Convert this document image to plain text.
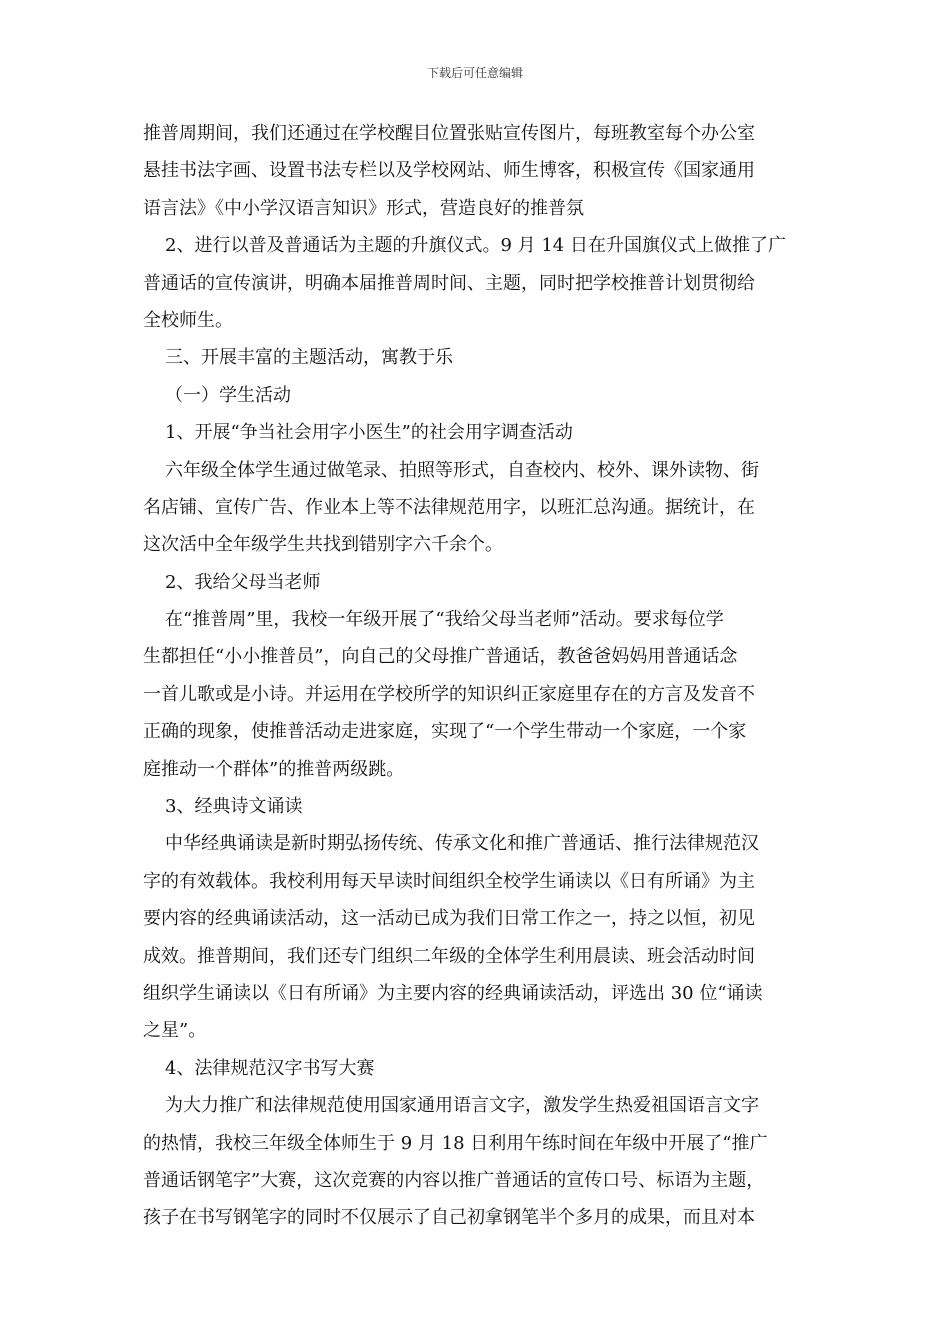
下载后可任意编辑
推普周期间，我们还通过在学校醒目位置张贴宣传图片，每班教室每个办公室
悬挂书法字画、设置书法专栏以及学校网站、师生博客，积极宣传《国家通用
语言法》《中小学汉语言知识》形式，营造良好的推普氛
2、进行以普及普通话为主题的升旗仪式。9 月 14 日在升国旗仪式上做推了广
普通话的宣传演讲，明确本届推普周时间、主题，同时把学校推普计划贯彻给
全校师生。
三、开展丰富的主题活动，寓教于乐
（一）学生活动
1、开展“争当社会用字小医生”的社会用字调查活动
六年级全体学生通过做笔录、拍照等形式，自查校内、校外、课外读物、街
名店铺、宣传广告、作业本上等不法律规范用字，以班汇总沟通。据统计，在
这次活中全年级学生共找到错别字六千余个。
2、我给父母当老师
在“推普周”里，我校一年级开展了“我给父母当老师”活动。要求每位学
生都担任“小小推普员”，向自己的父母推广普通话，教爸爸妈妈用普通话念
一首儿歌或是小诗。并运用在学校所学的知识纠正家庭里存在的方言及发音不
正确的现象，使推普活动走进家庭，实现了“一个学生带动一个家庭，一个家
庭推动一个群体”的推普两级跳。
3、经典诗文诵读
中华经典诵读是新时期弘扬传统、传承文化和推广普通话、推行法律规范汉
字的有效载体。我校利用每天早读时间组织全校学生诵读以《日有所诵》为主
要内容的经典诵读活动，这一活动已成为我们日常工作之一，持之以恒，初见
成效。推普期间，我们还专门组织二年级的全体学生利用晨读、班会活动时间
组织学生诵读以《日有所诵》为主要内容的经典诵读活动，评选出 30 位“诵读
之星”。
4、法律规范汉字书写大赛
为大力推广和法律规范使用国家通用语言文字，激发学生热爱祖国语言文字
的热情，我校三年级全体师生于 9 月 18 日利用午练时间在年级中开展了“推广
普通话钢笔字”大赛，这次竞赛的内容以推广普通话的宣传口号、标语为主题，
孩子在书写钢笔字的同时不仅展示了自己初拿钢笔半个多月的成果，而且对本
